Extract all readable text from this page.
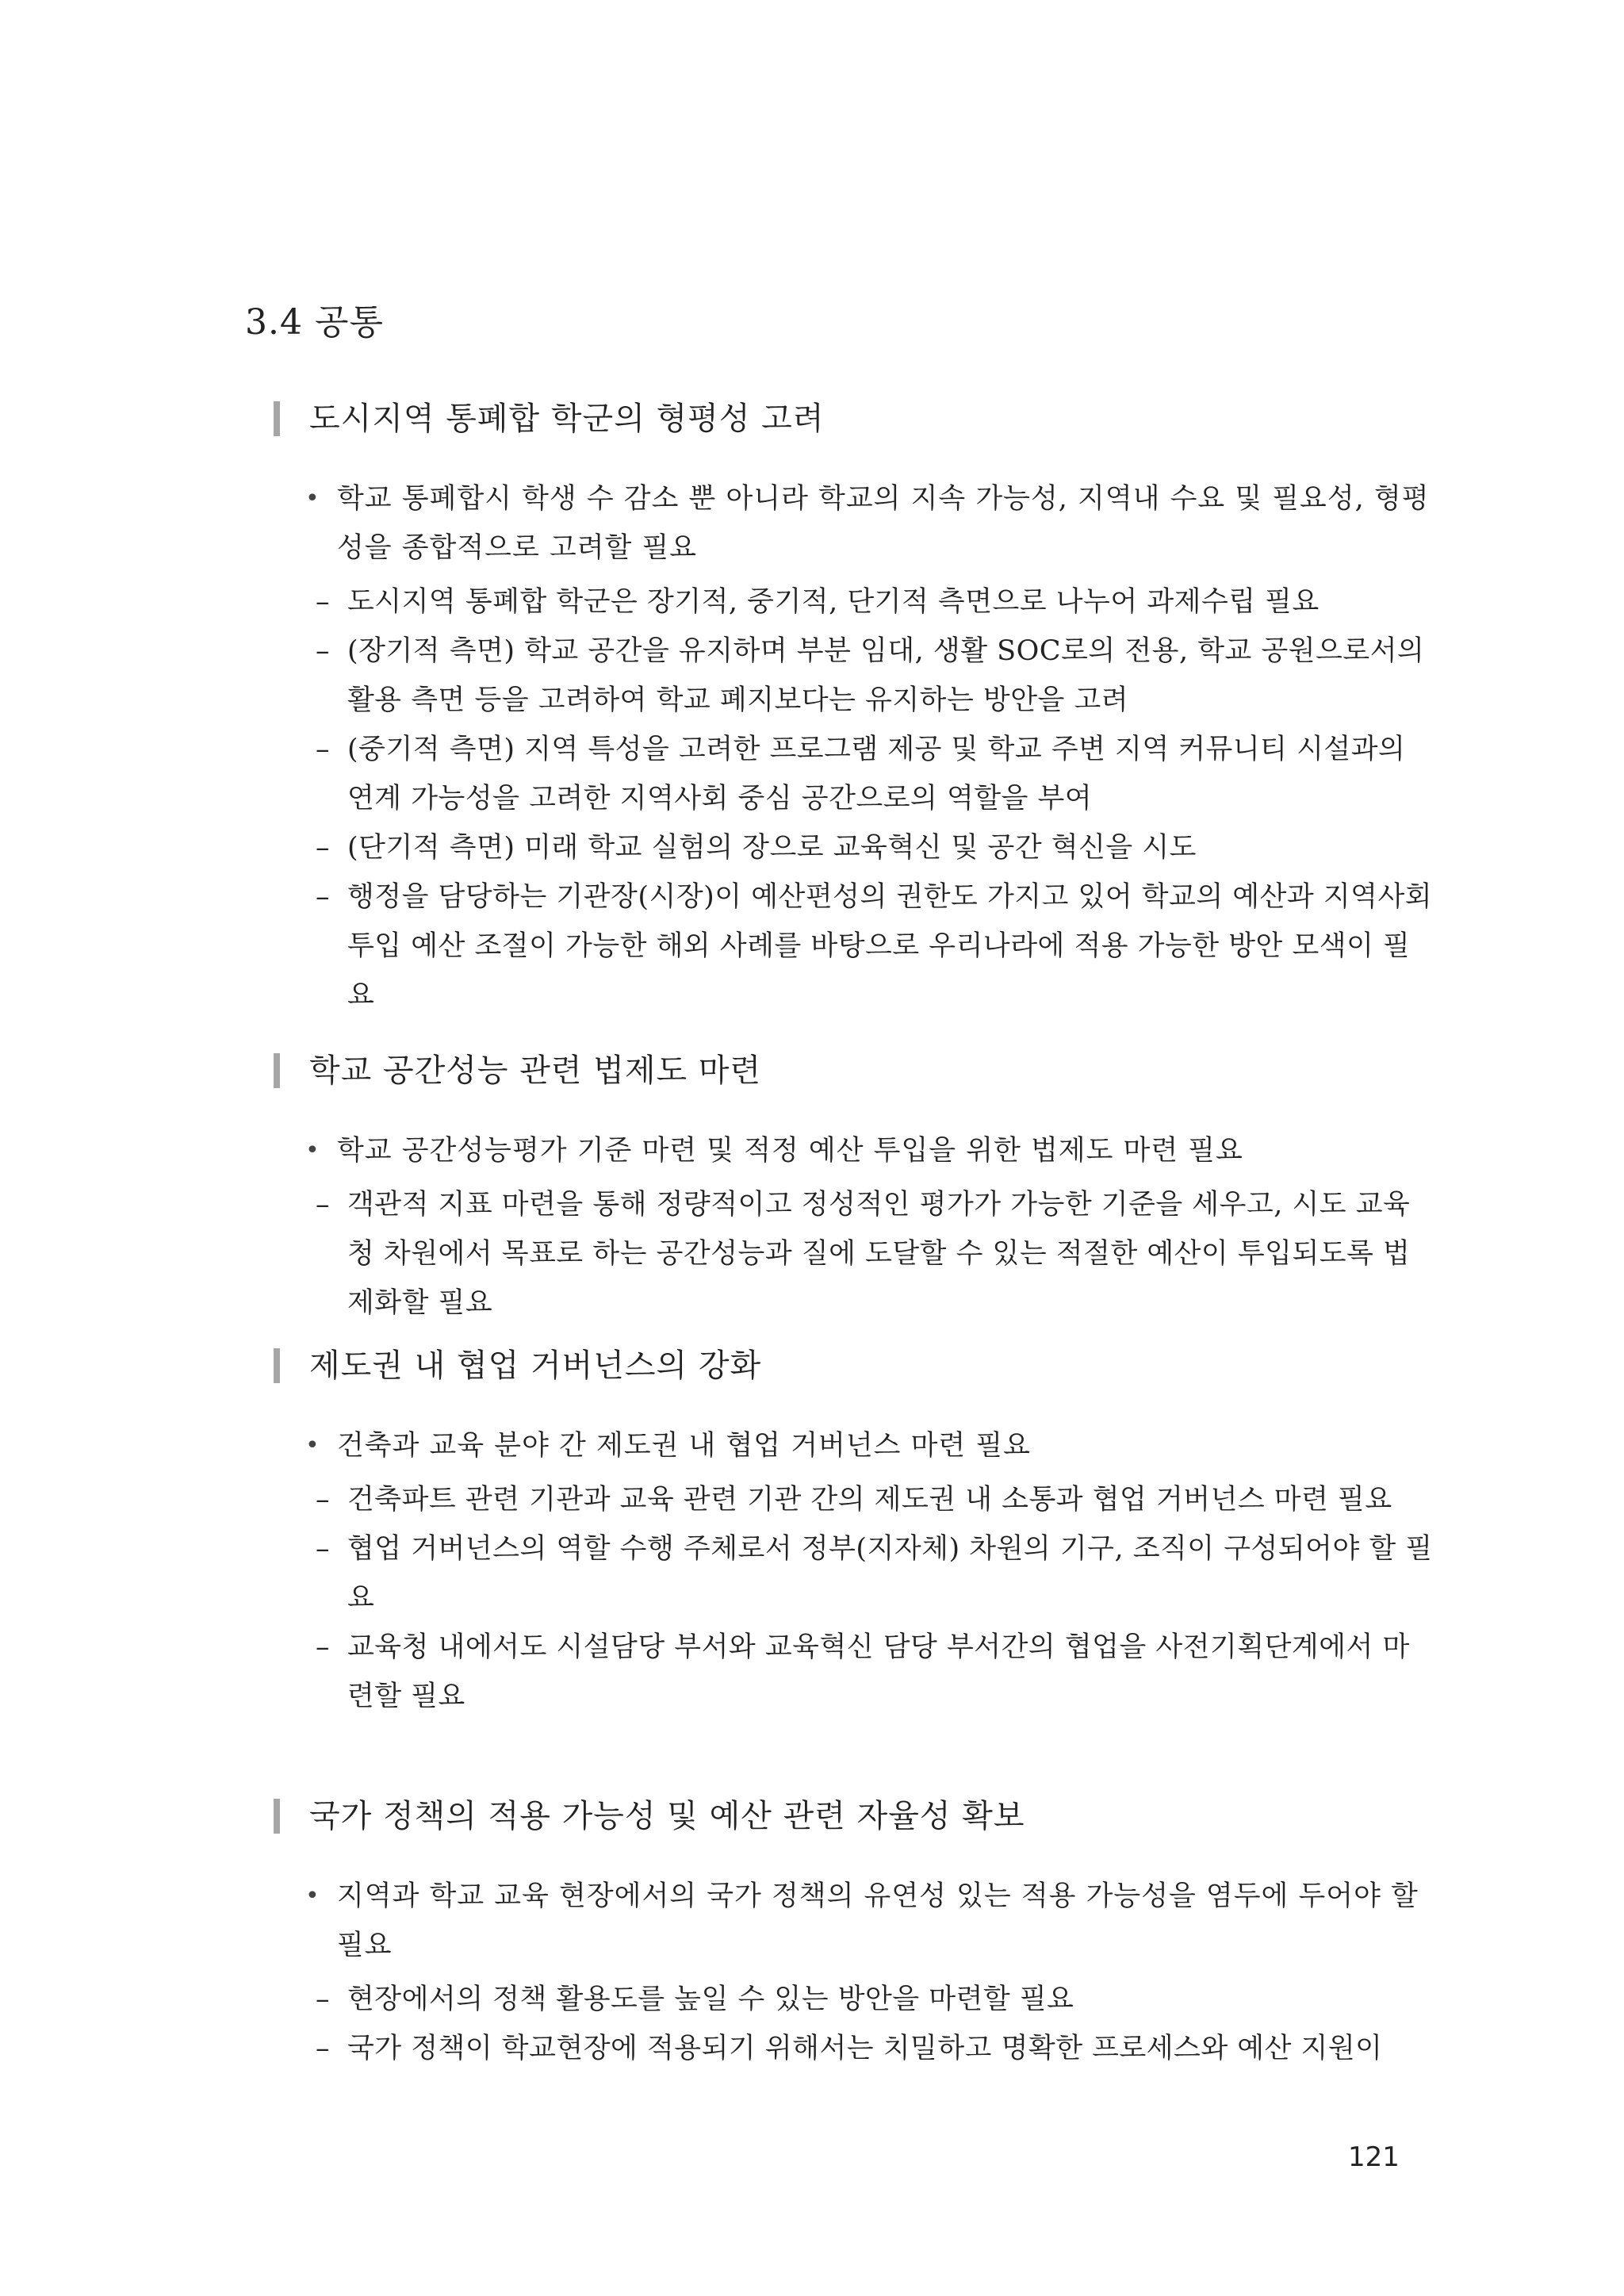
3.4 공통
도시지역 통폐합 학군의 형평성 고려
• 학교 통폐합시 학생 수 감소 뿐 아니라 학교의 지속 가능성, 지역내 수요 및 필요성, 형평성을 종합적으로 고려할 필요
– 도시지역 통폐합 학군은 장기적, 중기적, 단기적 측면으로 나누어 과제수립 필요
– (장기적 측면) 학교 공간을 유지하며 부분 임대, 생활 SOC로의 전용, 학교 공원으로서의 활용 측면 등을 고려하여 학교 폐지보다는 유지하는 방안을 고려
– (중기적 측면) 지역 특성을 고려한 프로그램 제공 및 학교 주변 지역 커뮤니티 시설과의 연계 가능성을 고려한 지역사회 중심 공간으로의 역할을 부여
– (단기적 측면) 미래 학교 실험의 장으로 교육혁신 및 공간 혁신을 시도
– 행정을 담당하는 기관장(시장)이 예산편성의 권한도 가지고 있어 학교의 예산과 지역사회 투입 예산 조절이 가능한 해외 사례를 바탕으로 우리나라에 적용 가능한 방안 모색이 필요
학교 공간성능 관련 법제도 마련
• 학교 공간성능평가 기준 마련 및 적정 예산 투입을 위한 법제도 마련 필요
– 객관적 지표 마련을 통해 정량적이고 정성적인 평가가 가능한 기준을 세우고, 시도 교육청 차원에서 목표로 하는 공간성능과 질에 도달할 수 있는 적절한 예산이 투입되도록 법제화할 필요
제도권 내 협업 거버넌스의 강화
• 건축과 교육 분야 간 제도권 내 협업 거버넌스 마련 필요
– 건축파트 관련 기관과 교육 관련 기관 간의 제도권 내 소통과 협업 거버넌스 마련 필요
– 협업 거버넌스의 역할 수행 주체로서 정부(지자체) 차원의 기구, 조직이 구성되어야 할 필요
– 교육청 내에서도 시설담당 부서와 교육혁신 담당 부서간의 협업을 사전기획단계에서 마련할 필요
국가 정책의 적용 가능성 및 예산 관련 자율성 확보
• 지역과 학교 교육 현장에서의 국가 정책의 유연성 있는 적용 가능성을 염두에 두어야 할 필요
– 현장에서의 정책 활용도를 높일 수 있는 방안을 마련할 필요
– 국가 정책이 학교현장에 적용되기 위해서는 치밀하고 명확한 프로세스와 예산 지원이
121
